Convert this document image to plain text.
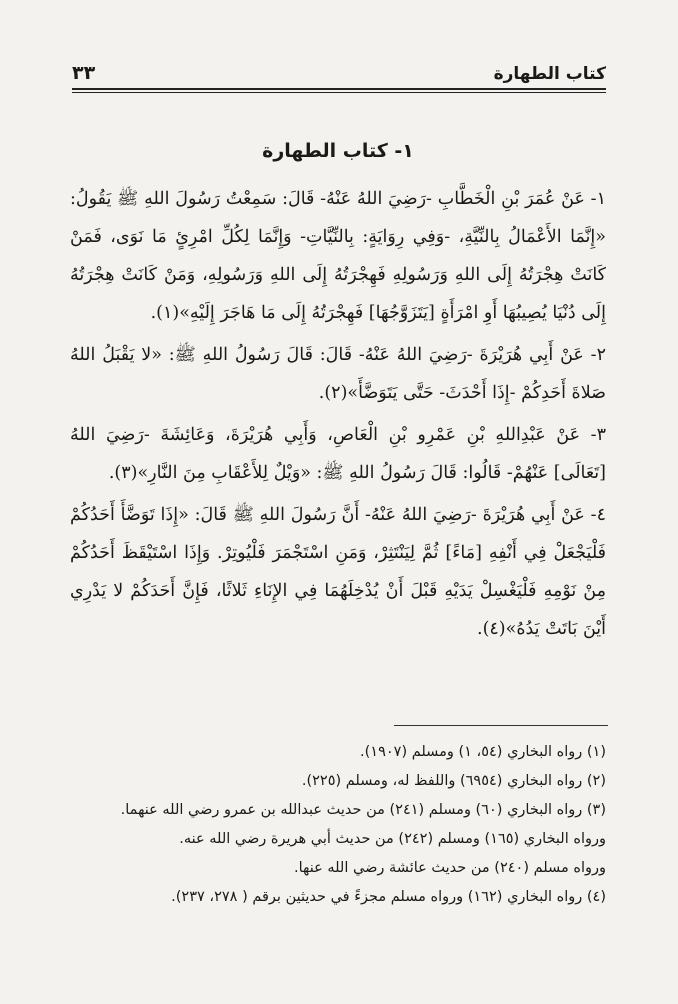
٣٣	كتاب الطهارة
١- كتاب الطهارة

١- عَنْ عُمَرَ بْنِ الْخَطَّابِ -رَضِيَ اللهُ عَنْهُ- قَالَ: سَمِعْتُ رَسُولَ اللهِ ﷺ يَقُولُ: «إِنَّمَا الأَعْمَالُ بِالنِّيَّةِ، -وَفِي رِوَايَةٍ: بِالنِّيَّاتِ- وَإِنَّمَا لِكُلِّ امْرِئٍ مَا نَوَى، فَمَنْ كَانَتْ هِجْرَتُهُ إِلَى اللهِ وَرَسُولِهِ فَهِجْرَتُهُ إِلَى اللهِ وَرَسُولِهِ، وَمَنْ كَانَتْ هِجْرَتُهُ إِلَى دُنْيَا يُصِيبُهَا أَوِ امْرَأَةٍ [يَتَزَوَّجُهَا] فَهِجْرَتُهُ إِلَى مَا هَاجَرَ إِلَيْهِ»(١).

٢- عَنْ أَبِي هُرَيْرَةَ -رَضِيَ اللهُ عَنْهُ- قَالَ: قَالَ رَسُولُ اللهِ ﷺ: «لا يَقْبَلُ اللهُ صَلاةَ أَحَدِكُمْ -إِذَا أَحْدَثَ- حَتَّى يَتَوَضَّأَ»(٢).

٣- عَنْ عَبْدِاللهِ بْنِ عَمْرِو بْنِ الْعَاصِ، وَأَبِي هُرَيْرَةَ، وَعَائِشَةَ -رَضِيَ اللهُ [تَعَالَى] عَنْهُمْ- قَالُوا: قَالَ رَسُولُ اللهِ ﷺ: «وَيْلٌ لِلأَعْقَابِ مِنَ النَّارِ»(٣).

٤- عَنْ أَبِي هُرَيْرَةَ -رَضِيَ اللهُ عَنْهُ- أَنَّ رَسُولَ اللهِ ﷺ قَالَ: «إِذَا تَوَضَّأَ أَحَدُكُمْ فَلْيَجْعَلْ فِي أَنْفِهِ [مَاءً] ثُمَّ لِيَنْتَثِرْ، وَمَنِ اسْتَجْمَرَ فَلْيُوتِرْ. وَإِذَا اسْتَيْقَظَ أَحَدُكُمْ مِنْ نَوْمِهِ فَلْيَغْسِلْ يَدَيْهِ قَبْلَ أَنْ يُدْخِلَهُمَا فِي الإِنَاءِ ثَلاثًا، فَإِنَّ أَحَدَكُمْ لا يَدْرِي أَيْنَ بَاتَتْ يَدُهُ»(٤).

(١) رواه البخاري (٥٤، ١) ومسلم (١٩٠٧).
(٢) رواه البخاري (٦٩٥٤) واللفظ له، ومسلم (٢٢٥).
(٣) رواه البخاري (٦٠) ومسلم (٢٤١) من حديث عبدالله بن عمرو رضي الله عنهما.
ورواه البخاري (١٦٥) ومسلم (٢٤٢) من حديث أبي هريرة رضي الله عنه.
ورواه مسلم (٢٤٠) من حديث عائشة رضي الله عنها.
(٤) رواه البخاري (١٦٢) ورواه مسلم مجزءً في حديثين برقم ( ٢٧٨، ٢٣٧).
